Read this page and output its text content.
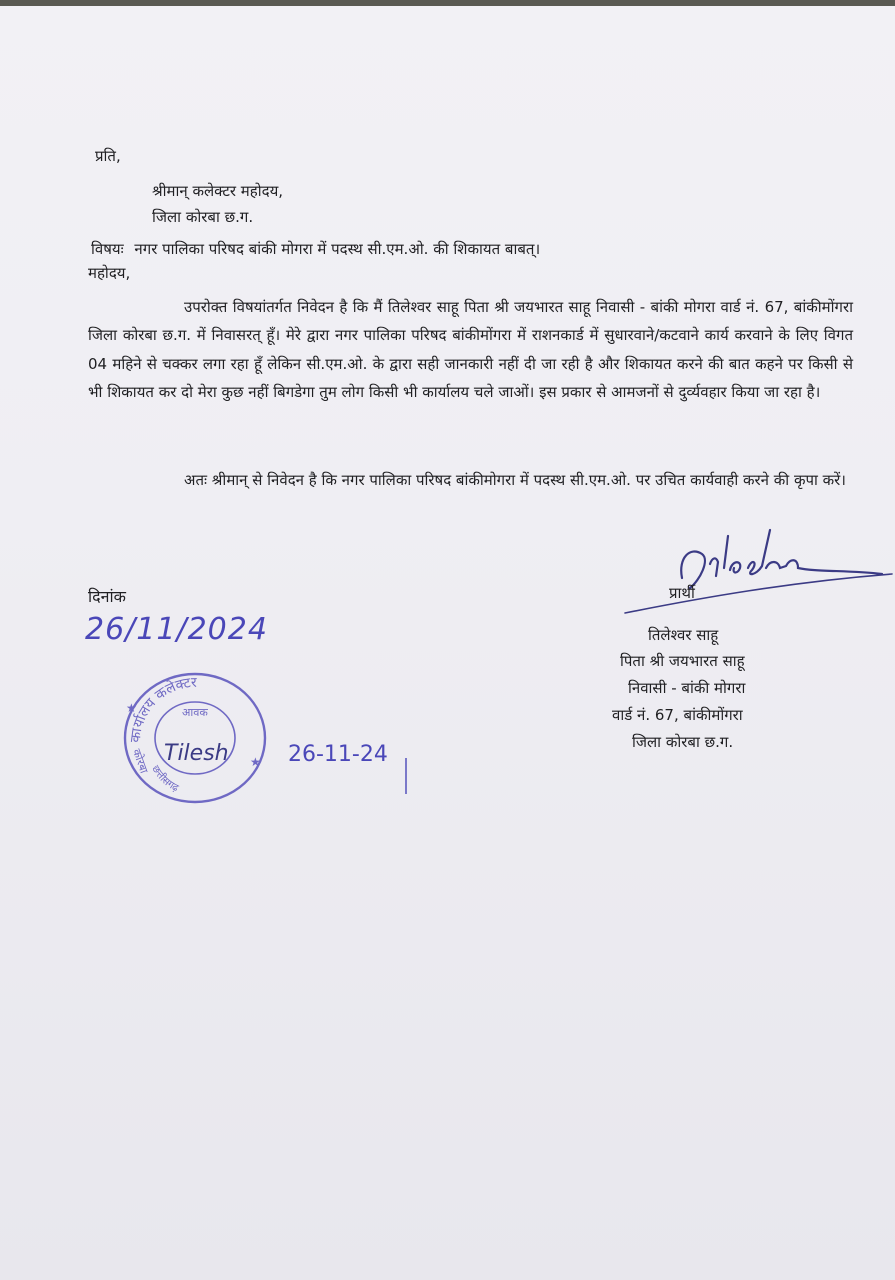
प्रति,
श्रीमान् कलेक्टर महोदय,
जिला कोरबा छ.ग.
विषयः नगर पालिका परिषद बांकी मोगरा में पदस्थ सी.एम.ओ. की शिकायत बाबत्।
महोदय,
उपरोक्त विषयांतर्गत निवेदन है कि मैं तिलेश्वर साहू पिता श्री जयभारत साहू निवासी - बांकी मोगरा वार्ड नं. 67, बांकीमोंगरा जिला कोरबा छ.ग. में निवासरत् हूँ। मेरे द्वारा नगर पालिका परिषद बांकीमोंगरा में राशनकार्ड में सुधारवाने/कटवाने कार्य करवाने के लिए विगत 04 महिने से चक्कर लगा रहा हूँ लेकिन सी.एम.ओ. के द्वारा सही जानकारी नहीं दी जा रही है और शिकायत करने की बात कहने पर किसी से भी शिकायत कर दो मेरा कुछ नहीं बिगडेगा तुम लोग किसी भी कार्यालय चले जाओं। इस प्रकार से आमजनों से दुर्व्यवहार किया जा रहा है।
अतः श्रीमान् से निवेदन है कि नगर पालिका परिषद बांकीमोगरा में पदस्थ सी.एम.ओ. पर उचित कार्यवाही करने की कृपा करें।
दिनांक
26/11/2024
प्रार्थी
तिलेश्वर साहू
पिता श्री जयभारत साहू
निवासी - बांकी मोगरा
वार्ड नं. 67, बांकीमोंगरा
जिला कोरबा छ.ग.
कार्यालय कलेक्टर
आवक
कोरबा
छत्तीसगढ़
★
★
Tilesh	26-11-24
